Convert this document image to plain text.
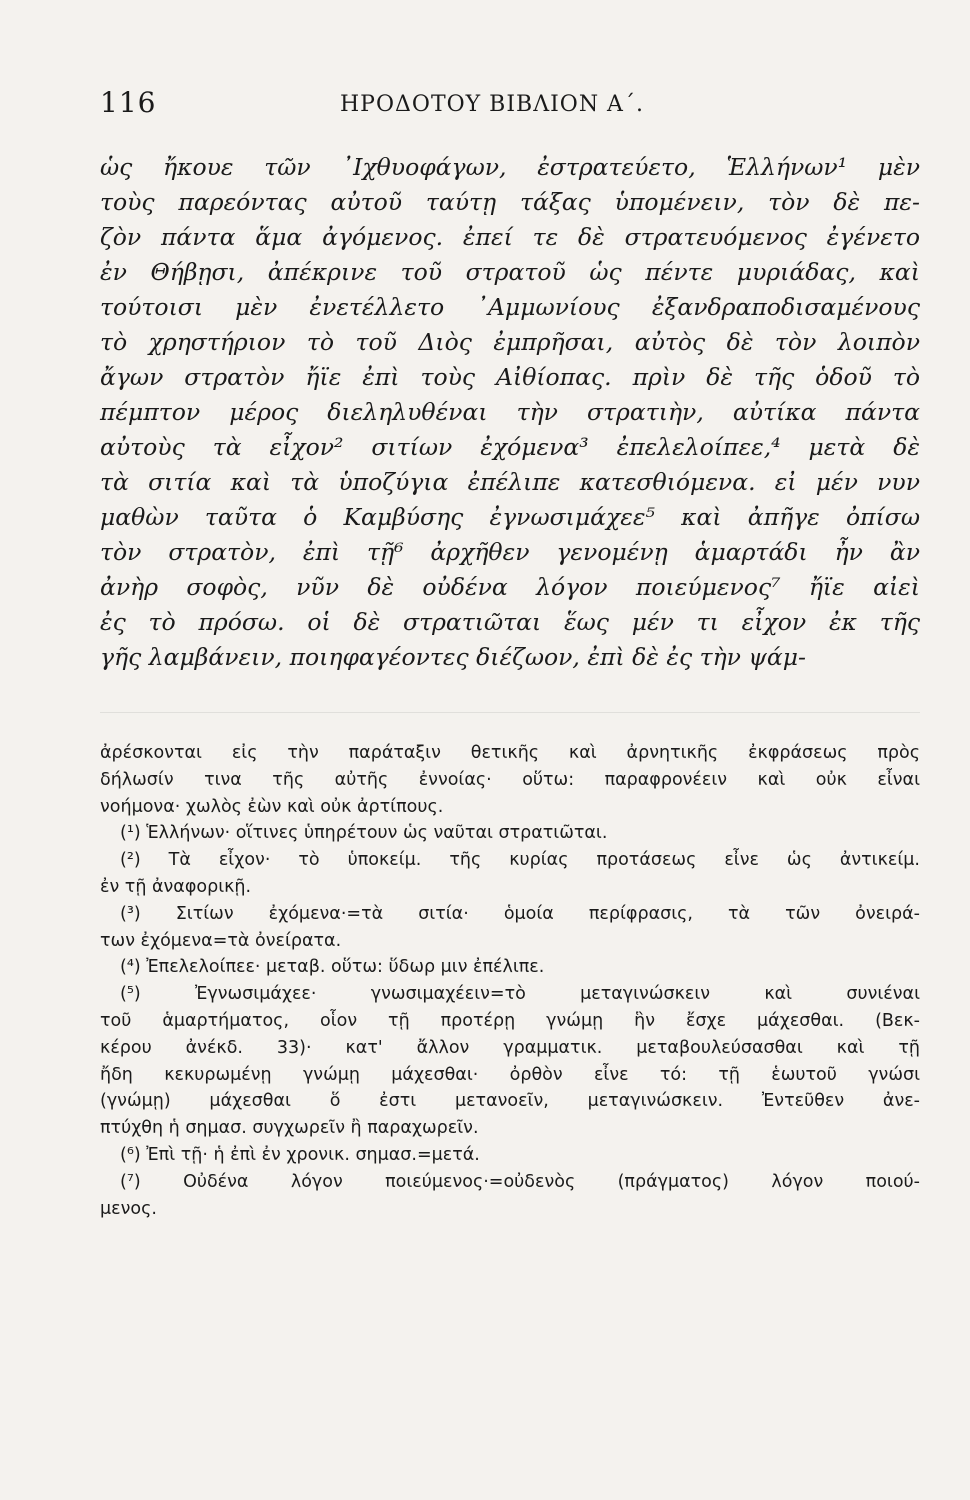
116	ΗΡΟΔΟΤΟΥ ΒΙΒΛΙΟΝ Α΄.
ὡς ἤκουε τῶν ᾿Ιχθυοφάγων, ἐστρατεύετο, Ἑλλήνων¹ μὲν
τοὺς παρεόντας αὐτοῦ ταύτῃ τάξας ὑπομένειν, τὸν δὲ πε-
ζὸν πάντα ἅμα ἀγόμενος. ἐπεί τε δὲ στρατευόμενος ἐγένετο
ἐν Θήβῃσι, ἀπέκρινε τοῦ στρατοῦ ὡς πέντε μυριάδας, καὶ
τούτοισι μὲν ἐνετέλλετο ᾿Αμμωνίους ἐξανδραποδισαμένους
τὸ χρηστήριον τὸ τοῦ Διὸς ἐμπρῆσαι, αὐτὸς δὲ τὸν λοιπὸν
ἄγων στρατὸν ἤϊε ἐπὶ τοὺς Αἰθίοπας. πρὶν δὲ τῆς ὁδοῦ τὸ
πέμπτον μέρος διεληλυθέναι τὴν στρατιὴν, αὐτίκα πάντα
αὐτοὺς τὰ εἶχον² σιτίων ἐχόμενα³ ἐπελελοίπεε,⁴ μετὰ δὲ
τὰ σιτία καὶ τὰ ὑποζύγια ἐπέλιπε κατεσθιόμενα. εἰ μέν νυν
μαθὼν ταῦτα ὁ Καμβύσης ἐγνωσιμάχεε⁵ καὶ ἀπῆγε ὀπίσω
τὸν στρατὸν, ἐπὶ τῇ⁶ ἀρχῆθεν γενομένῃ ἁμαρτάδι ἦν ἂν
ἀνὴρ σοφὸς, νῦν δὲ οὐδένα λόγον ποιεύμενος⁷ ἤϊε αἰεὶ
ἐς τὸ πρόσω. οἱ δὲ στρατιῶται ἕως μέν τι εἶχον ἐκ τῆς
γῆς λαμβάνειν, ποιηφαγέοντες διέζωον, ἐπὶ δὲ ἐς τὴν ψάμ-
ἀρέσκονται εἰς τὴν παράταξιν θετικῆς καὶ ἀρνητικῆς ἐκφράσεως πρὸς
δήλωσίν τινα τῆς αὐτῆς ἐννοίας· οὕτω: παραφρονέειν καὶ οὐκ εἶναι
νοήμονα· χωλὸς ἐὼν καὶ οὐκ ἀρτίπους.
(¹) Ἑλλήνων· οἵτινες ὑπηρέτουν ὡς ναῦται στρατιῶται.
(²) Τὰ εἶχον· τὸ ὑποκείμ. τῆς κυρίας προτάσεως εἶνε ὡς ἀντικείμ.
ἐν τῇ ἀναφορικῇ.
(³) Σιτίων ἐχόμενα·=τὰ σιτία· ὁμοία περίφρασις, τὰ τῶν ὀνειρά-
των ἐχόμενα=τὰ ὀνείρατα.
(⁴) Ἐπελελοίπεε· μεταβ. οὕτω: ὕδωρ μιν ἐπέλιπε.
(⁵) Ἐγνωσιμάχεε· γνωσιμαχέειν=τὸ μεταγινώσκειν καὶ συνιέναι
τοῦ ἁμαρτήματος, οἷον τῇ προτέρῃ γνώμῃ ἣν ἔσχε μάχεσθαι. (Βεκ-
κέρου ἀνέκδ. 33)· κατ' ἄλλον γραμματικ. μεταβουλεύσασθαι καὶ τῇ
ἤδη κεκυρωμένῃ γνώμῃ μάχεσθαι· ὀρθὸν εἶνε τό: τῇ ἑωυτοῦ γνώσι
(γνώμῃ) μάχεσθαι ὅ ἐστι μετανοεῖν, μεταγινώσκειν. Ἐντεῦθεν ἀνε-
πτύχθη ἡ σημασ. συγχωρεῖν ἢ παραχωρεῖν.
(⁶) Ἐπὶ τῇ· ἡ ἐπὶ ἐν χρονικ. σημασ.=μετά.
(⁷) Οὐδένα λόγον ποιεύμενος·=οὐδενὸς (πράγματος) λόγον ποιού-
μενος.
